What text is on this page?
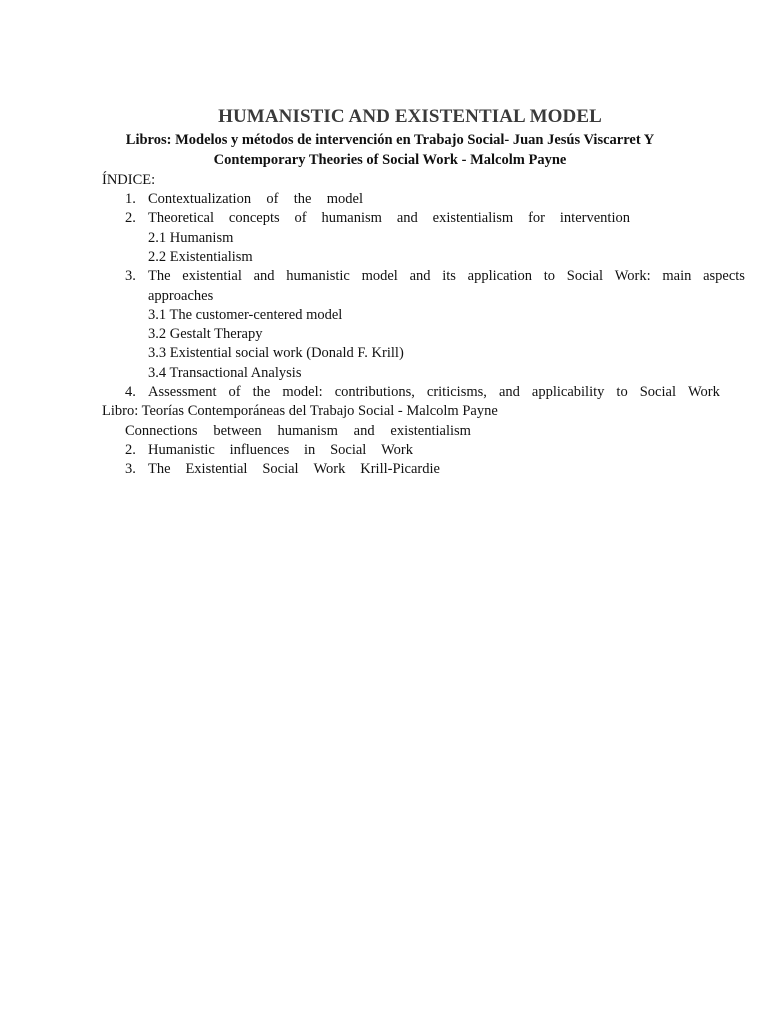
HUMANISTIC AND EXISTENTIAL MODEL
Libros: Modelos y métodos de intervención en Trabajo Social- Juan Jesús Viscarret Y
Contemporary Theories of Social Work - Malcolm Payne
ÍNDICE:
1. Contextualization of the model
2. Theoretical concepts of humanism and existentialism for intervention
2.1 Humanism
2.2 Existentialism
3. The existential and humanistic model and its application to Social Work: main aspects
approaches
3.1 The customer-centered model
3.2 Gestalt Therapy
3.3 Existential social work (Donald F. Krill)
3.4 Transactional Analysis
4. Assessment of the model: contributions, criticisms, and applicability to Social Work
Libro: Teorías Contemporáneas del Trabajo Social - Malcolm Payne
Connections between humanism and existentialism
2. Humanistic influences in Social Work
3. The Existential Social Work Krill-Picardie
